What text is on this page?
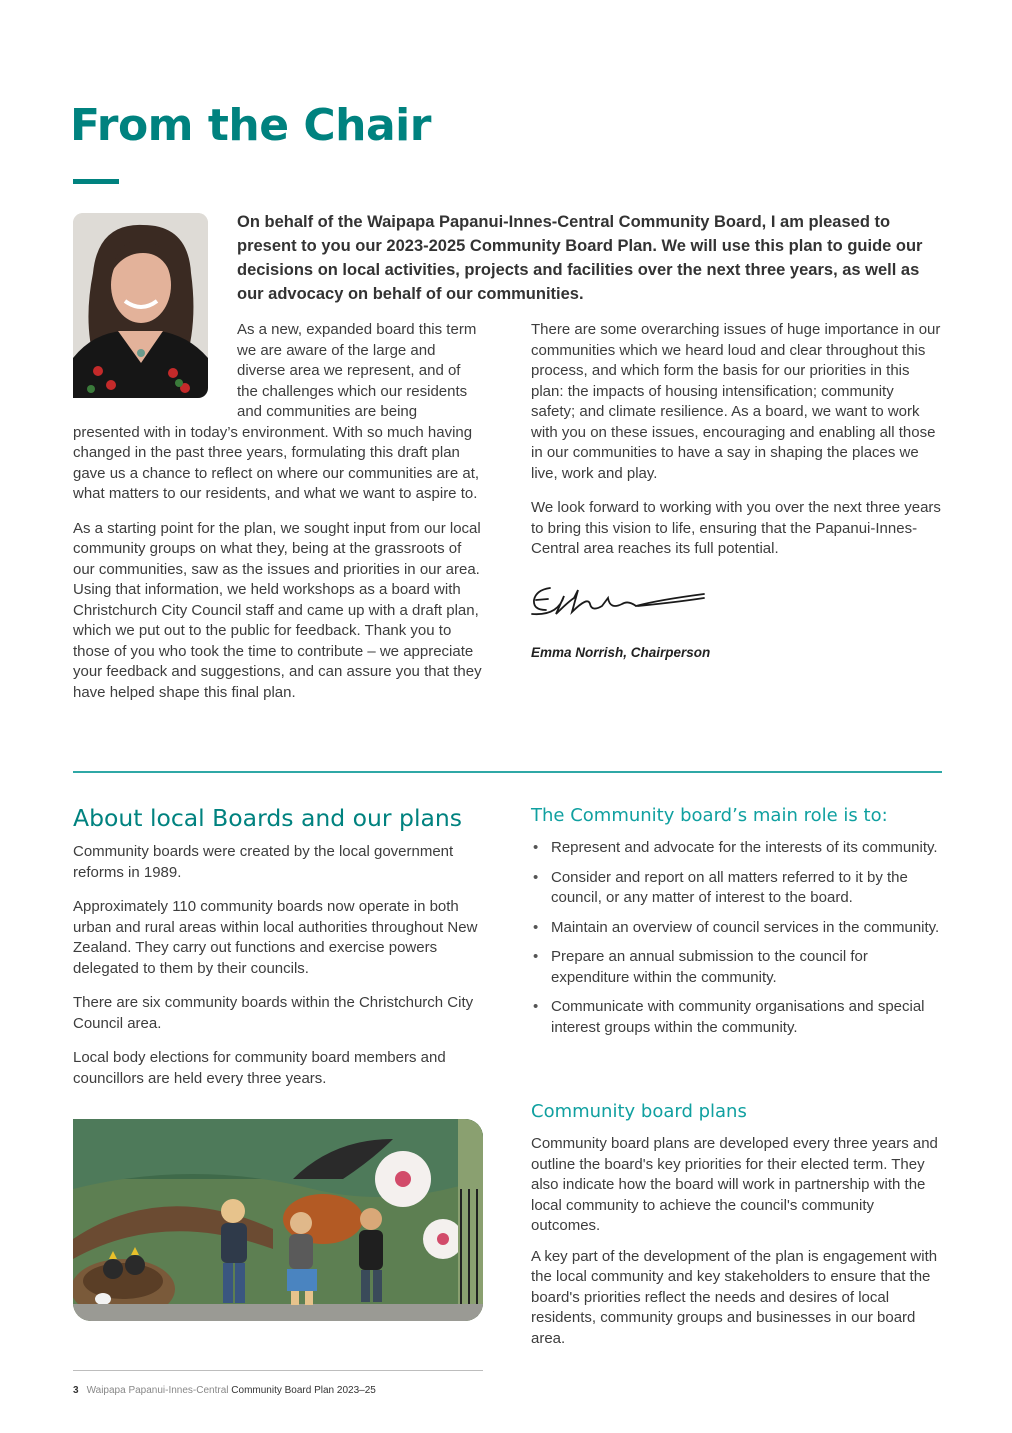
From the Chair

On behalf of the Waipapa Papanui-Innes-Central Community Board, I am pleased to present to you our 2023-2025 Community Board Plan. We will use this plan to guide our decisions on local activities, projects and facilities over the next three years, as well as our advocacy on behalf of our communities.

As a new, expanded board this term we are aware of the large and diverse area we represent, and of the challenges which our residents and communities are being presented with in today’s environment. With so much having changed in the past three years, formulating this draft plan gave us a chance to reflect on where our communities are at, what matters to our residents, and what we want to aspire to.

As a starting point for the plan, we sought input from our local community groups on what they, being at the grassroots of our communities, saw as the issues and priorities in our area. Using that information, we held workshops as a board with Christchurch City Council staff and came up with a draft plan, which we put out to the public for feedback. Thank you to those of you who took the time to contribute – we appreciate your feedback and suggestions, and can assure you that they have helped shape this final plan.

There are some overarching issues of huge importance in our communities which we heard loud and clear throughout this process, and which form the basis for our priorities in this plan: the impacts of housing intensification; community safety; and climate resilience. As a board, we want to work with you on these issues, encouraging and enabling all those in our communities to have a say in shaping the places we live, work and play.

We look forward to working with you over the next three years to bring this vision to life, ensuring that the Papanui-Innes-Central area reaches its full potential.

Emma Norrish, Chairperson
About local Boards and our plans

Community boards were created by the local government reforms in 1989.

Approximately 110 community boards now operate in both urban and rural areas within local authorities throughout New Zealand. They carry out functions and exercise powers delegated to them by their councils.

There are six community boards within the Christchurch City Council area.

Local body elections for community board members and councillors are held every three years.

The Community board’s main role is to:
• Represent and advocate for the interests of its community.
• Consider and report on all matters referred to it by the council, or any matter of interest to the board.
• Maintain an overview of council services in the community.
• Prepare an annual submission to the council for expenditure within the community.
• Communicate with community organisations and special interest groups within the community.
Community board plans

Community board plans are developed every three years and outline the board's key priorities for their elected term. They also indicate how the board will work in partnership with the local community to achieve the council's community outcomes.

A key part of the development of the plan is engagement with the local community and key stakeholders to ensure that the board's priorities reflect the needs and desires of local residents, community groups and businesses in our board area.

3 Waipapa Papanui-Innes-Central Community Board Plan 2023–25
